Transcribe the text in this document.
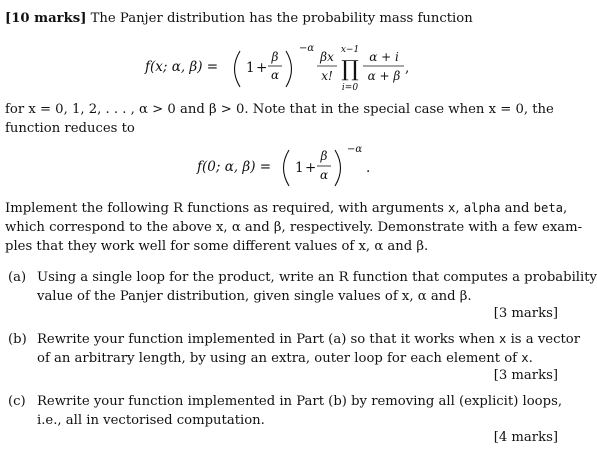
[10 marks] The Panjer distribution has the probability mass function
f(x; α, β) = 1 +
β
α
−α
βx
x!
x−1
∏
i=0
α + i
α + β ,
for x = 0, 1, 2, . . . , α > 0 and β > 0. Note that in the special case when x = 0, the
function reduces to
f(0; α, β) = 1 +
β
α
−α
.
Implement the following R functions as required, with arguments x, alpha and beta,
which correspond to the above x, α and β, respectively. Demonstrate with a few exam-
ples that they work well for some different values of x, α and β.
(a) Using a single loop for the product, write an R function that computes a probability
value of the Panjer distribution, given single values of x, α and β.
[3 marks]
(b) Rewrite your function implemented in Part (a) so that it works when x is a vector
of an arbitrary length, by using an extra, outer loop for each element of x.
[3 marks]
(c) Rewrite your function implemented in Part (b) by removing all (explicit) loops,
i.e., all in vectorised computation.
[4 marks]
